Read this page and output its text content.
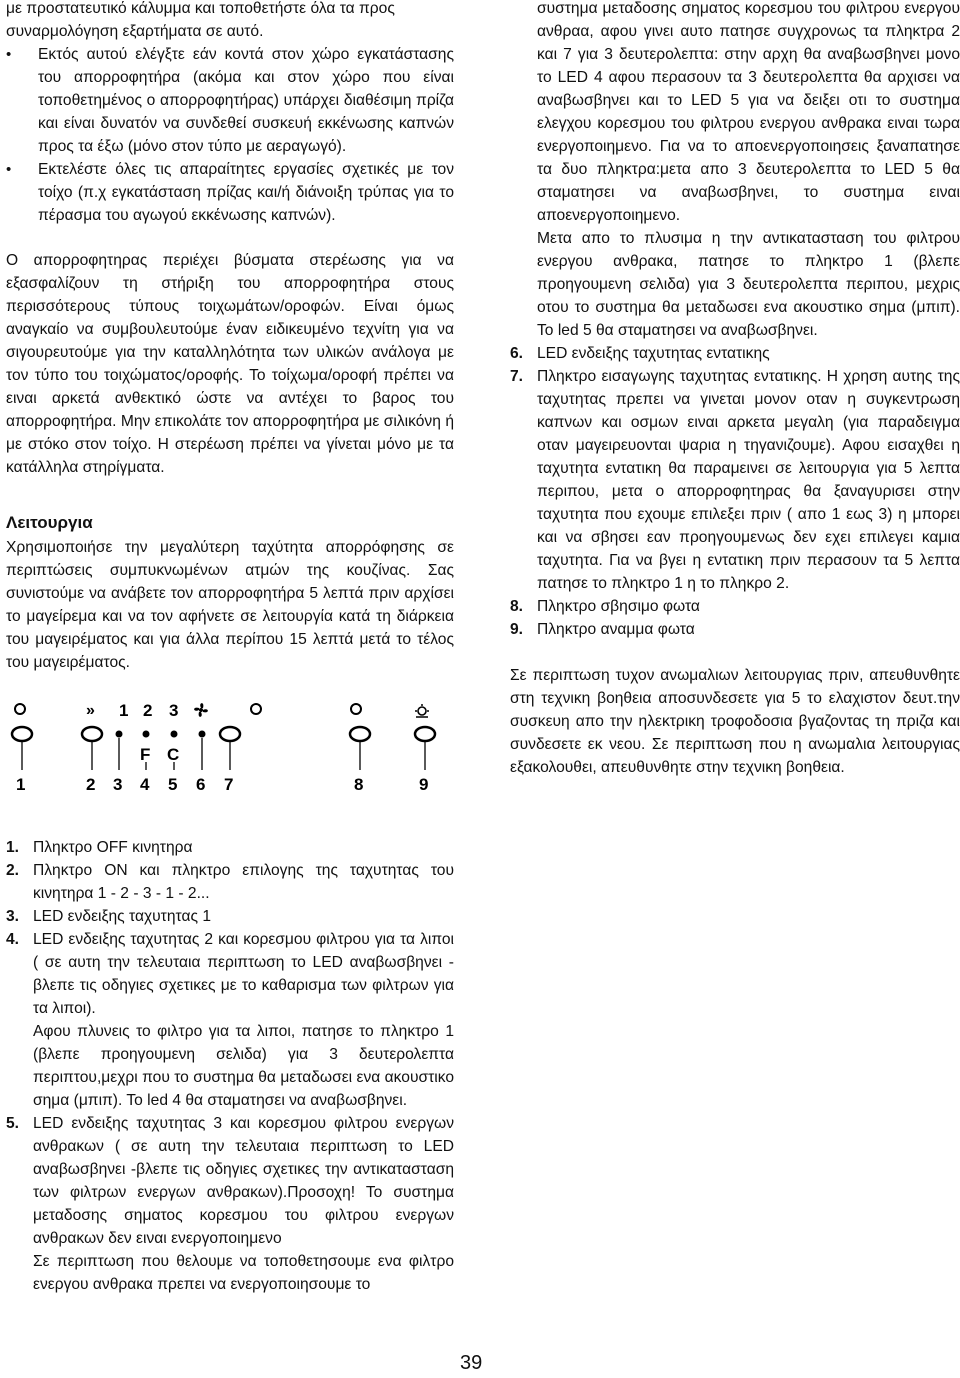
με προστατευτικό κάλυμμα και τοποθετήστε όλα τα προς

συναρμολόγηση εξαρτήματα σε αυτό.

• Εκτός αυτού ελέγξτε εάν κοντά στον χώρο εγκατάστασης του απορροφητήρα (ακόμα και στον χώρο που είναι τοποθετημένος ο απορροφητήρας) υπάρχει διαθέσιμη πρίζα και είναι δυνατόν να συνδεθεί συσκευή εκκένωσης καπνών προς τα έξω (μόνο στον τύπο με αεραγωγό).
• Εκτελέστε όλες τις απαραίτητες εργασίες σχετικές με τον τοίχο (π.χ εγκατάσταση πρίζας και/ή διάνοιξη τρύπας για το πέρασμα του αγωγού εκκένωσης καπνών).

Ο απορροφητηρας περιέχει βύσματα στερέωσης για να εξασφαλίζουν τη στήριξη του απορροφητήρα στους περισσότερους τύπους τοιχωμάτων/οροφών. Είναι όμως αναγκαίο να συμβουλευτούμε έναν ειδικευμένο τεχνίτη για να σιγουρευτούμε για την καταλληλότητα των υλικών ανάλογα με τον τύπο του τοιχώματος/οροφής. Το τοίχωμα/οροφή πρέπει να ειναι αρκετά ανθεκτικό ώστε να αντέχει το βαρος του απορροφητήρα. Μην επικολάτε τον απορροφητήρα με σιλικόνη ή με στόκο στον τοίχο. Η στερέωση πρέπει να γίνεται μόνο με τα κατάλληλα στηρίγματα.

Λειτουργια

Χρησιμοποιήσε την μεγαλύτερη ταχύτητα απορρόφησης σε περιπτώσεις συμπυκνωμένων ατμών της κουζίνας. Σας συνιστούμε να ανάβετε τον απορροφητήρα 5 λεπτά πριν αρχίσει το μαγείρεμα και να τον αφήνετε σε λειτουργία κατά τη διάρκεια του μαγειρέματος και για άλλα περίπου 15 λεπτά μετά το τέλος του μαγειρέματος.

» 1 2 3
F C
1	2 3 4 5 6 7	8	9
1. Πληκτρο OFF κινητηρα
2. Πληκτρο ON και πληκτρο επιλογης της ταχυτητας του κινητηρα 1 - 2 - 3 - 1 - 2...
3. LED ενδειξης ταχυτητας 1
4. LED ενδειξης ταχυτητας 2 και κορεσμου φιλτρου για τα λιποι ( σε αυτη την τελευταια περιπτωση το LED αναβωσβηνει - βλεπε τις οδηγιες σχετικες με το καθαρισμα των φιλτρων για τα λιποι).

Αφου πλυνεις το φιλτρο για τα λιποι, πατησε το πληκτρο 1 (βλεπε προηγουμενη σελιδα) για 3 δευτερολεπτα περιπτου,μεχρι που το συστημα θα μεταδωσει ενα ακουστικο σημα (μπιπ). Το led 4 θα σταματησει να αναβωσβηνει.

5. LED ενδειξης ταχυτητας 3 και κορεσμου φιλτρου ενεργων ανθρακων ( σε αυτη την τελευταια περιπτωση το LED αναβωσβηνει -βλεπε τις οδηγιες σχετικες την αντικατασταση των φιλτρων ενεργων ανθρακων).Προσοχη! Το συστημα μεταδοσης σηματος κορεσμου του φιλτρου ενεργων ανθρακων δεν ειναι ενεργοποιημενο

Σε περιπτωση που θελουμε να τοποθετησουμε ενα φιλτρο ενεργου ανθρακα πρεπει να ενεργοποιησουμε το

συστημα μεταδοσης σηματος κορεσμου του φιλτρου ενεργου ανθραα, αφου γινει αυτο πατησε συγχρονως τα πληκτρα 2 και 7 για 3 δευτερολεπτα: στην αρχη θα αναβωσβηνει μονο το LED 4 αφου περασουν τα 3 δευτερολεπτα θα αρχισει να αναβωσβηνει και το LED 5 για να δειξει οτι το συστημα ελεγχου κορεσμου του φιλτρου ενεργου ανθρακα ειναι τωρα ενεργοποιημενο. Για να το αποενεργοποιησεις ξαναπατησε τα δυο πληκτρα:μετα απο 3 δευτερολεπτα το LED 5 θα σταματησει να αναβωσβηνει, το συστημα ειναι αποενεργοποιημενο.

Μετα απο το πλυσιμα η την αντικατασταση του φιλτρου ενεργου ανθρακα, πατησε το πληκτρο 1 (βλεπε προηγουμενη σελιδα) για 3 δευτερολεπτα περιπου, μεχρις οτου το συστημα θα μεταδωσει ενα ακουστικο σημα (μπιπ). Το led 5 θα σταματησει να αναβωσβηνει.

6. LED ενδειξης ταχυτητας εντατικης
7. Πληκτρο εισαγωγης ταχυτητας εντατικης. Η χρηση αυτης της ταχυτητας πρεπει να γινεται μονον οταν η συγκεντρωση καπνων και οσμων ειναι αρκετα μεγαλη (για παραδειγμα οταν μαγειρευονται ψαρια η τηγανιζουμε). Αφου εισαχθει η ταχυτητα εντατικη θα παραμεινει σε λειτουργια για 5 λεπτα περιπου, μετα ο απορροφητηρας θα ξαναγυρισει στην ταχυτητα που εχουμε επιλεξει πριν ( απο 1 εως 3) η μπορει και να σβησει εαν προηγουμενως δεν εχει επιλεγει καμια ταχυτητα. Για να βγει η εντατικη πριν περασουν τα 5 λεπτα πατησε το πληκτρο 1 η το πληκρο 2.
8. Πληκτρο σβησιμο φωτα
9. Πληκτρο αναμμα φωτα

Σε περιπτωση τυχον ανωμαλιων λειτουργιας πριν, απευθυνθητε στη τεχνικη βοηθεια αποσυνδεσετε για 5 το ελαχιστον δευτ.την συσκευη απο την ηλεκτρικη τροφοδοσια βγαζοντας τη πριζα και συνδεσετε εκ νεου. Σε περιπτωση που η ανωμαλια λειτουργιας εξακολουθει, απευθυνθητε στην τεχνικη βοηθεια.

39
